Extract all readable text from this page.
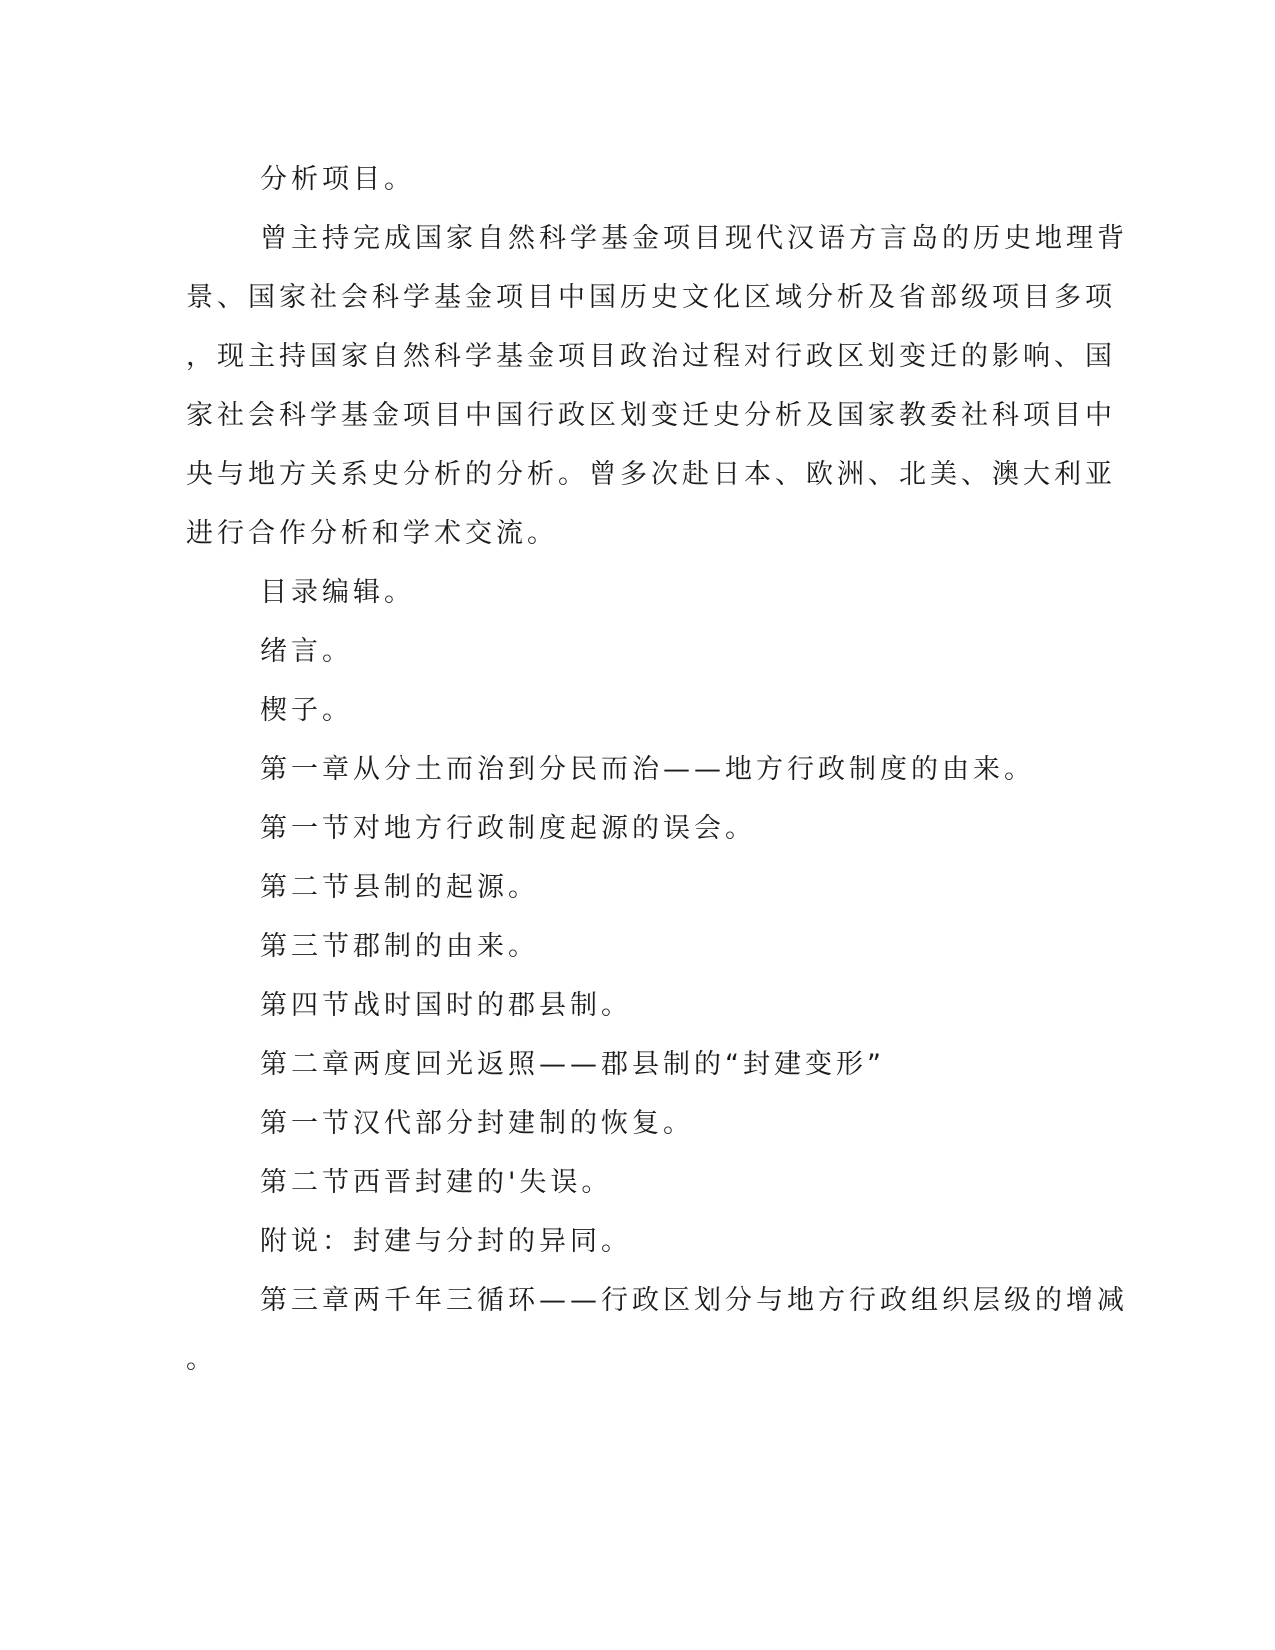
分析项目。
曾主持完成国家自然科学基金项目现代汉语方言岛的历史地理背
景、国家社会科学基金项目中国历史文化区域分析及省部级项目多项
，现主持国家自然科学基金项目政治过程对行政区划变迁的影响、国
家社会科学基金项目中国行政区划变迁史分析及国家教委社科项目中
央与地方关系史分析的分析。曾多次赴日本、欧洲、北美、澳大利亚
进行合作分析和学术交流。
目录编辑。
绪言。
楔子。
第一章从分土而治到分民而治——地方行政制度的由来。
第一节对地方行政制度起源的误会。
第二节县制的起源。
第三节郡制的由来。
第四节战时国时的郡县制。
第二章两度回光返照——郡县制的“封建变形”
第一节汉代部分封建制的恢复。
第二节西晋封建的'失误。
附说：封建与分封的异同。
第三章两千年三循环——行政区划分与地方行政组织层级的增减
。
